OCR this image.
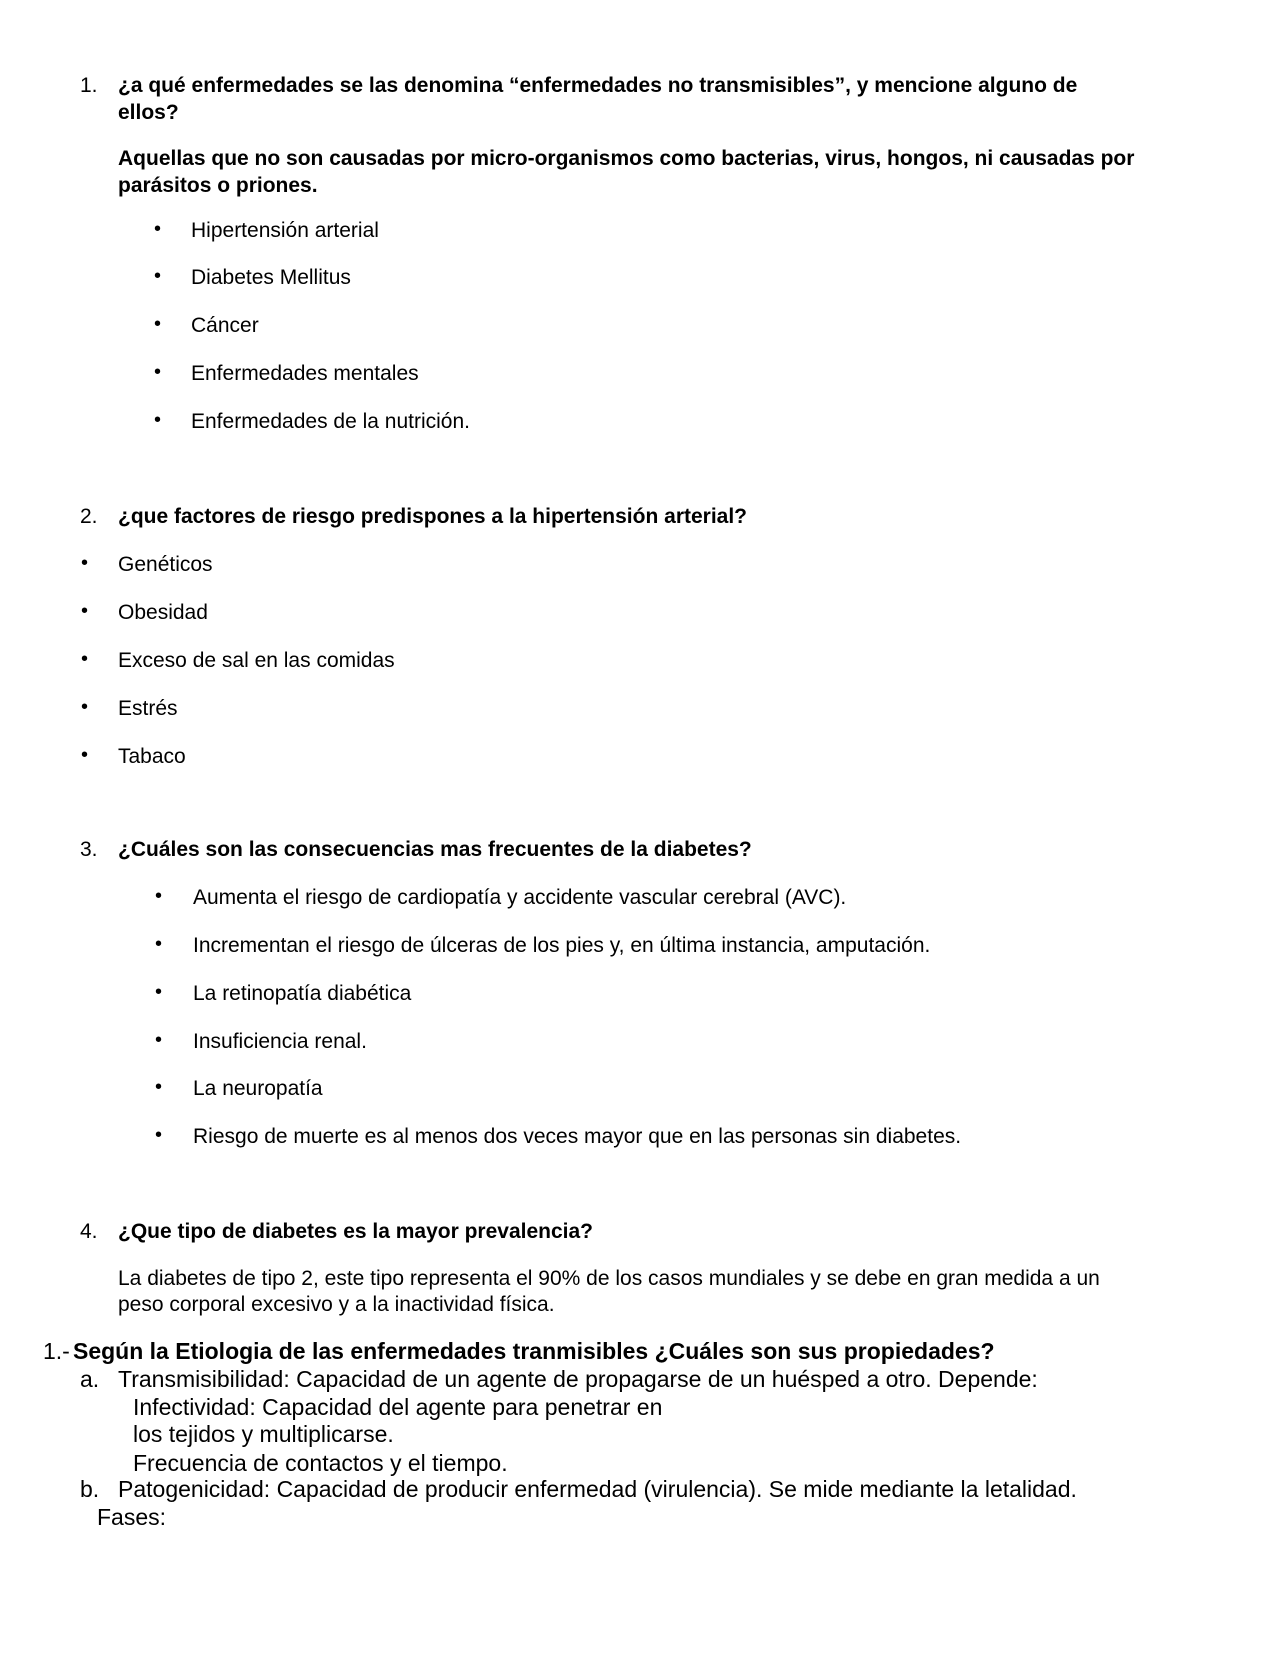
1. ¿a qué enfermedades se las denomina “enfermedades no transmisibles”, y mencione alguno de
ellos?
Aquellas que no son causadas por micro-organismos como bacterias, virus, hongos, ni causadas por
parásitos o priones.
• Hipertensión arterial
• Diabetes Mellitus
• Cáncer
• Enfermedades mentales
• Enfermedades de la nutrición.
2. ¿que factores de riesgo predispones a la hipertensión arterial?
• Genéticos
• Obesidad
• Exceso de sal en las comidas
• Estrés
• Tabaco
3. ¿Cuáles son las consecuencias mas frecuentes de la diabetes?
• Aumenta el riesgo de cardiopatía y accidente vascular cerebral (AVC).
• Incrementan el riesgo de úlceras de los pies y, en última instancia, amputación.
• La retinopatía diabética
• Insuficiencia renal.
• La neuropatía
• Riesgo de muerte es al menos dos veces mayor que en las personas sin diabetes.
4. ¿Que tipo de diabetes es la mayor prevalencia?
La diabetes de tipo 2, este tipo representa el 90% de los casos mundiales y se debe en gran medida a un
peso corporal excesivo y a la inactividad física.
1.- Según la Etiologia de las enfermedades tranmisibles ¿Cuáles son sus propiedades?
a. Transmisibilidad: Capacidad de un agente de propagarse de un huésped a otro. Depende:
Infectividad: Capacidad del agente para penetrar en
los tejidos y multiplicarse.
Frecuencia de contactos y el tiempo.
b. Patogenicidad: Capacidad de producir enfermedad (virulencia). Se mide mediante la letalidad.
Fases:
